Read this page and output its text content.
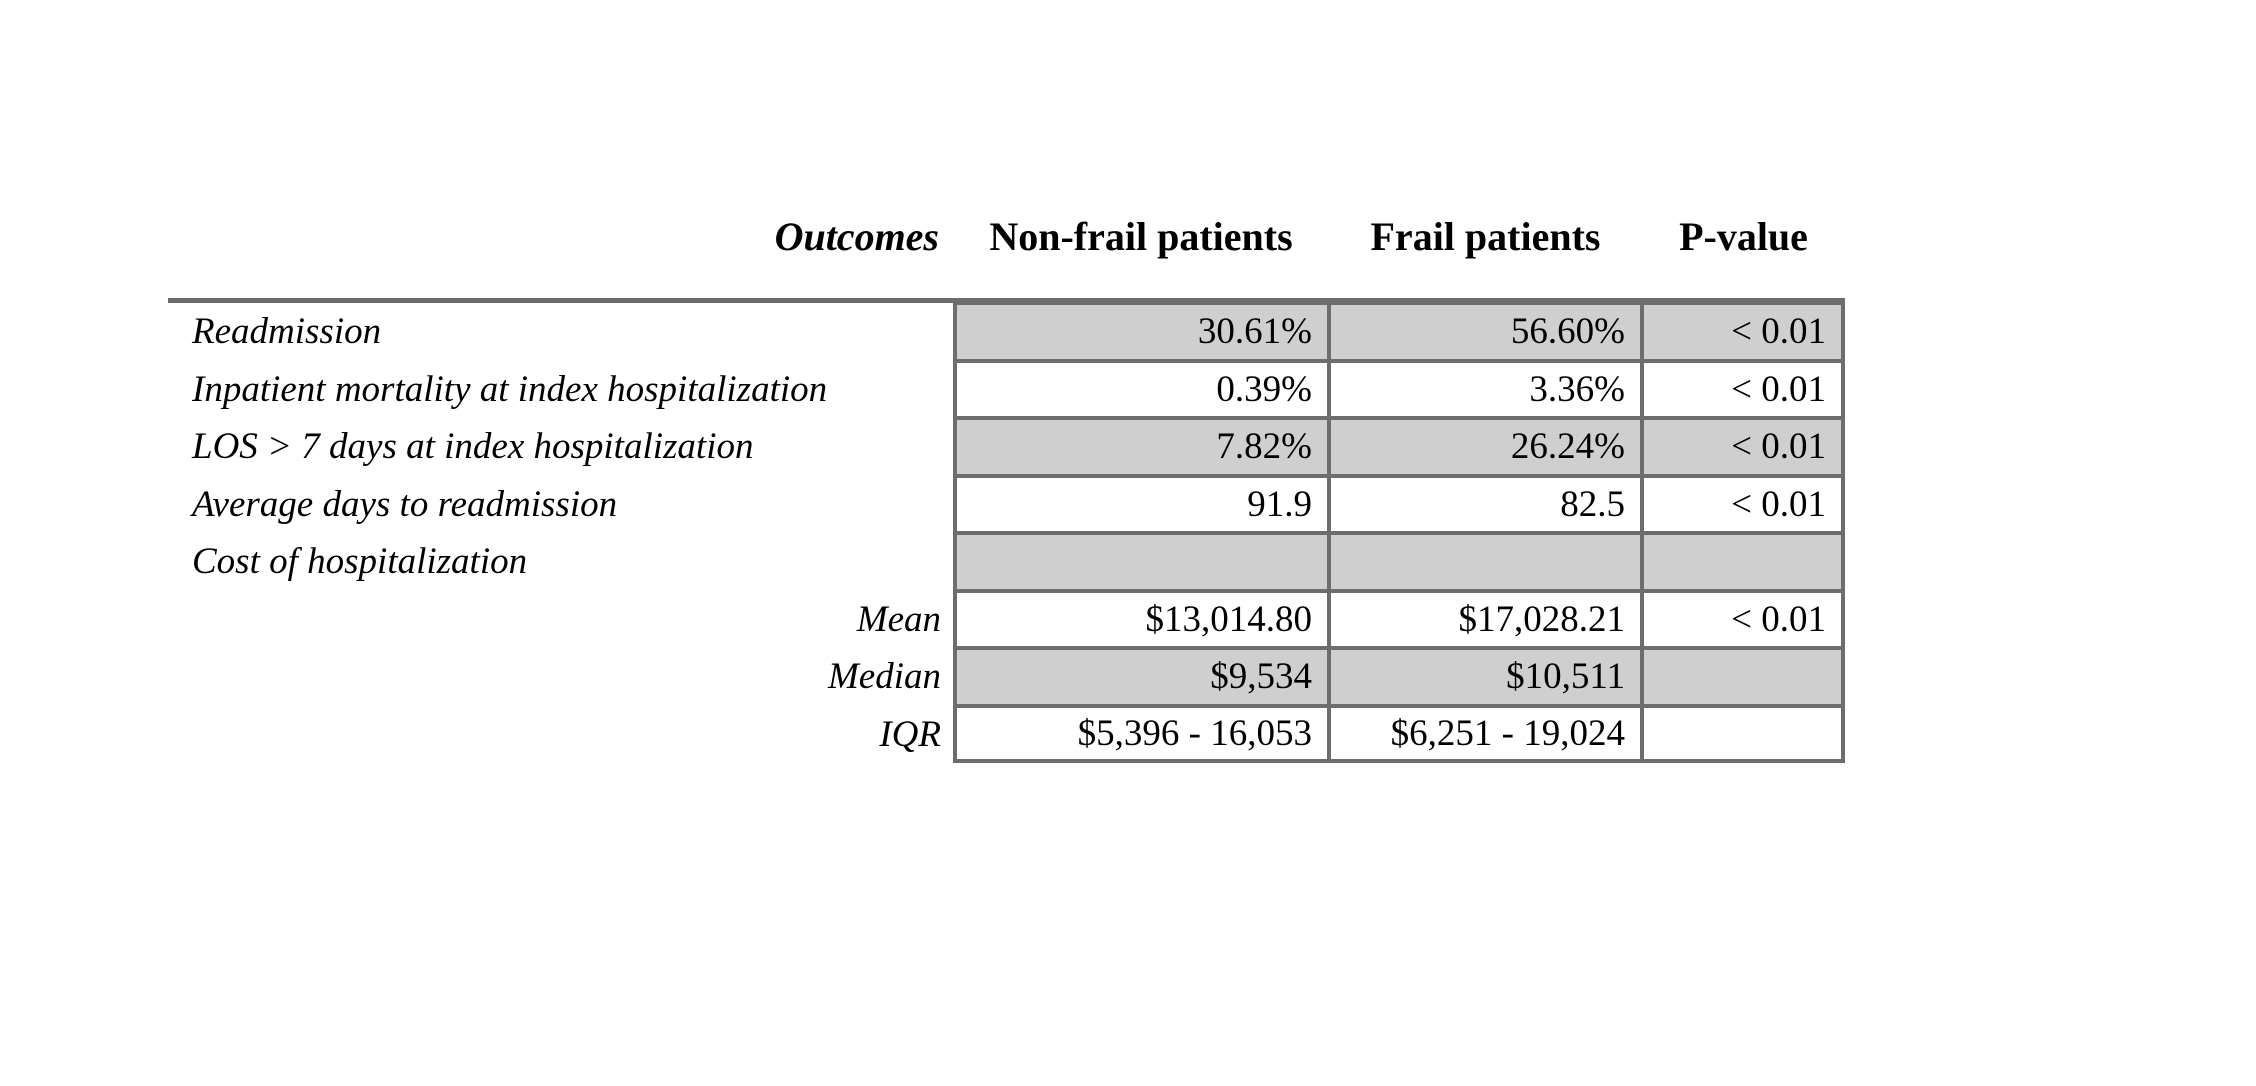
Outcomes	Non-frail patients	Frail patients	P-value
Readmission	30.61%	56.60%	< 0.01
Inpatient mortality at index hospitalization	0.39%	3.36%	< 0.01
LOS > 7 days at index hospitalization	7.82%	26.24%	< 0.01
Average days to readmission	91.9	82.5	< 0.01
Cost of hospitalization
Mean	$13,014.80	$17,028.21	< 0.01
Median	$9,534	$10,511
IQR	$5,396 - 16,053	$6,251 - 19,024
